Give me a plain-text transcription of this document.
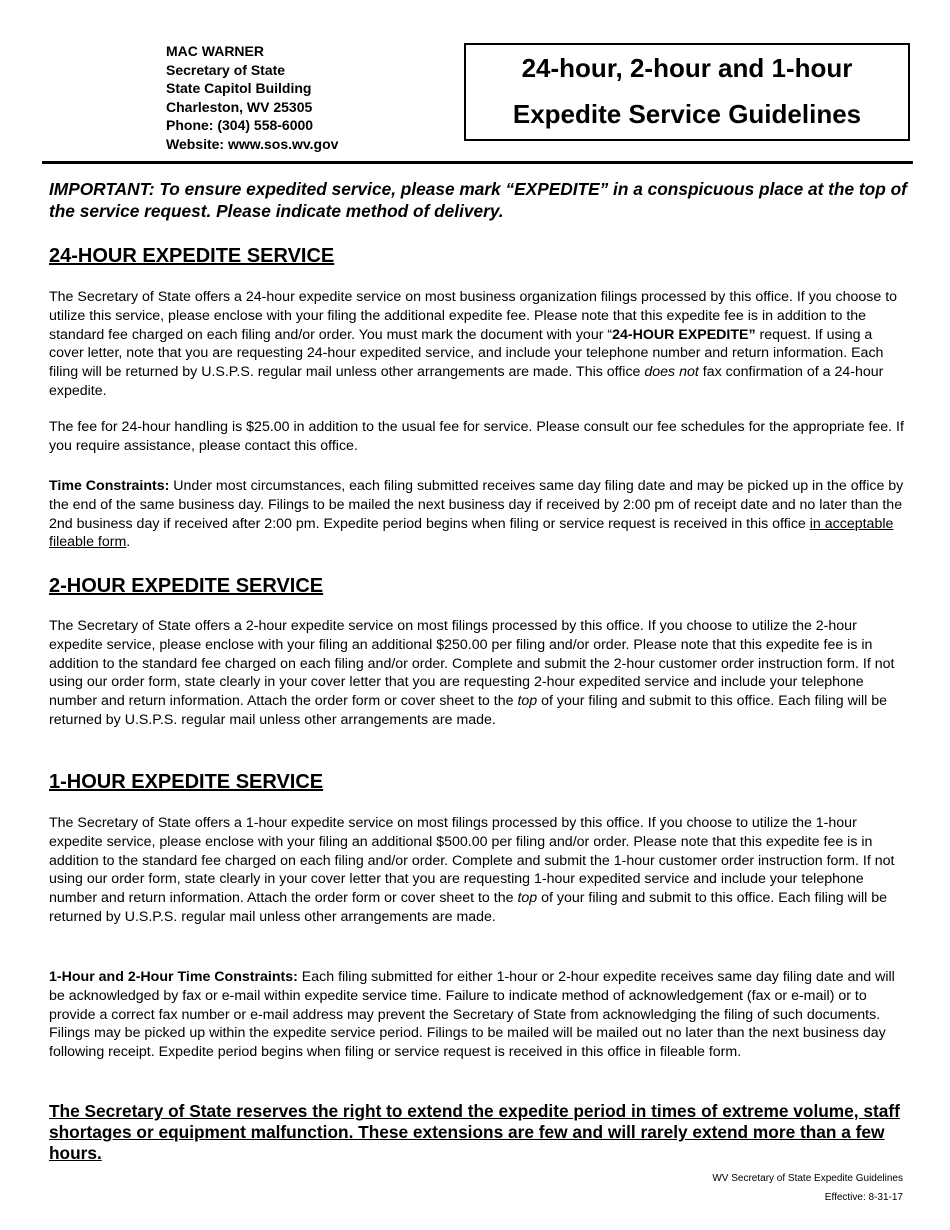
MAC WARNER
Secretary of State
State Capitol Building
Charleston, WV 25305
Phone: (304) 558-6000
Website: www.sos.wv.gov
24-hour, 2-hour and 1-hour
Expedite Service Guidelines
IMPORTANT: To ensure expedited service, please mark “EXPEDITE” in a conspicuous place at the top of the service request. Please indicate method of delivery.
24-HOUR EXPEDITE SERVICE
The Secretary of State offers a 24-hour expedite service on most business organization filings processed by this office. If you choose to utilize this service, please enclose with your filing the additional expedite fee. Please note that this expedite fee is in addition to the standard fee charged on each filing and/or order. You must mark the document with your “24-HOUR EXPEDITE” request. If using a cover letter, note that you are requesting 24-hour expedited service, and include your telephone number and return information. Each filing will be returned by U.S.P.S. regular mail unless other arrangements are made. This office does not fax confirmation of a 24-hour expedite.
The fee for 24-hour handling is $25.00 in addition to the usual fee for service. Please consult our fee schedules for the appropriate fee. If you require assistance, please contact this office.
Time Constraints: Under most circumstances, each filing submitted receives same day filing date and may be picked up in the office by the end of the same business day. Filings to be mailed the next business day if received by 2:00 pm of receipt date and no later than the 2nd business day if received after 2:00 pm. Expedite period begins when filing or service request is received in this office in acceptable fileable form.
2-HOUR EXPEDITE SERVICE
The Secretary of State offers a 2-hour expedite service on most filings processed by this office. If you choose to utilize the 2-hour expedite service, please enclose with your filing an additional $250.00 per filing and/or order. Please note that this expedite fee is in addition to the standard fee charged on each filing and/or order. Complete and submit the 2-hour customer order instruction form. If not using our order form, state clearly in your cover letter that you are requesting 2-hour expedited service and include your telephone number and return information. Attach the order form or cover sheet to the top of your filing and submit to this office. Each filing will be returned by U.S.P.S. regular mail unless other arrangements are made.
1-HOUR EXPEDITE SERVICE
The Secretary of State offers a 1-hour expedite service on most filings processed by this office. If you choose to utilize the 1-hour expedite service, please enclose with your filing an additional $500.00 per filing and/or order. Please note that this expedite fee is in addition to the standard fee charged on each filing and/or order. Complete and submit the 1-hour customer order instruction form. If not using our order form, state clearly in your cover letter that you are requesting 1-hour expedited service and include your telephone number and return information. Attach the order form or cover sheet to the top of your filing and submit to this office. Each filing will be returned by U.S.P.S. regular mail unless other arrangements are made.
1-Hour and 2-Hour Time Constraints: Each filing submitted for either 1-hour or 2-hour expedite receives same day filing date and will be acknowledged by fax or e-mail within expedite service time. Failure to indicate method of acknowledgement (fax or e-mail) or to provide a correct fax number or e-mail address may prevent the Secretary of State from acknowledging the filing of such documents. Filings may be picked up within the expedite service period. Filings to be mailed will be mailed out no later than the next business day following receipt. Expedite period begins when filing or service request is received in this office in fileable form.
The Secretary of State reserves the right to extend the expedite period in times of extreme volume, staff shortages or equipment malfunction. These extensions are few and will rarely extend more than a few hours.
WV Secretary of State Expedite Guidelines
Effective: 8-31-17
